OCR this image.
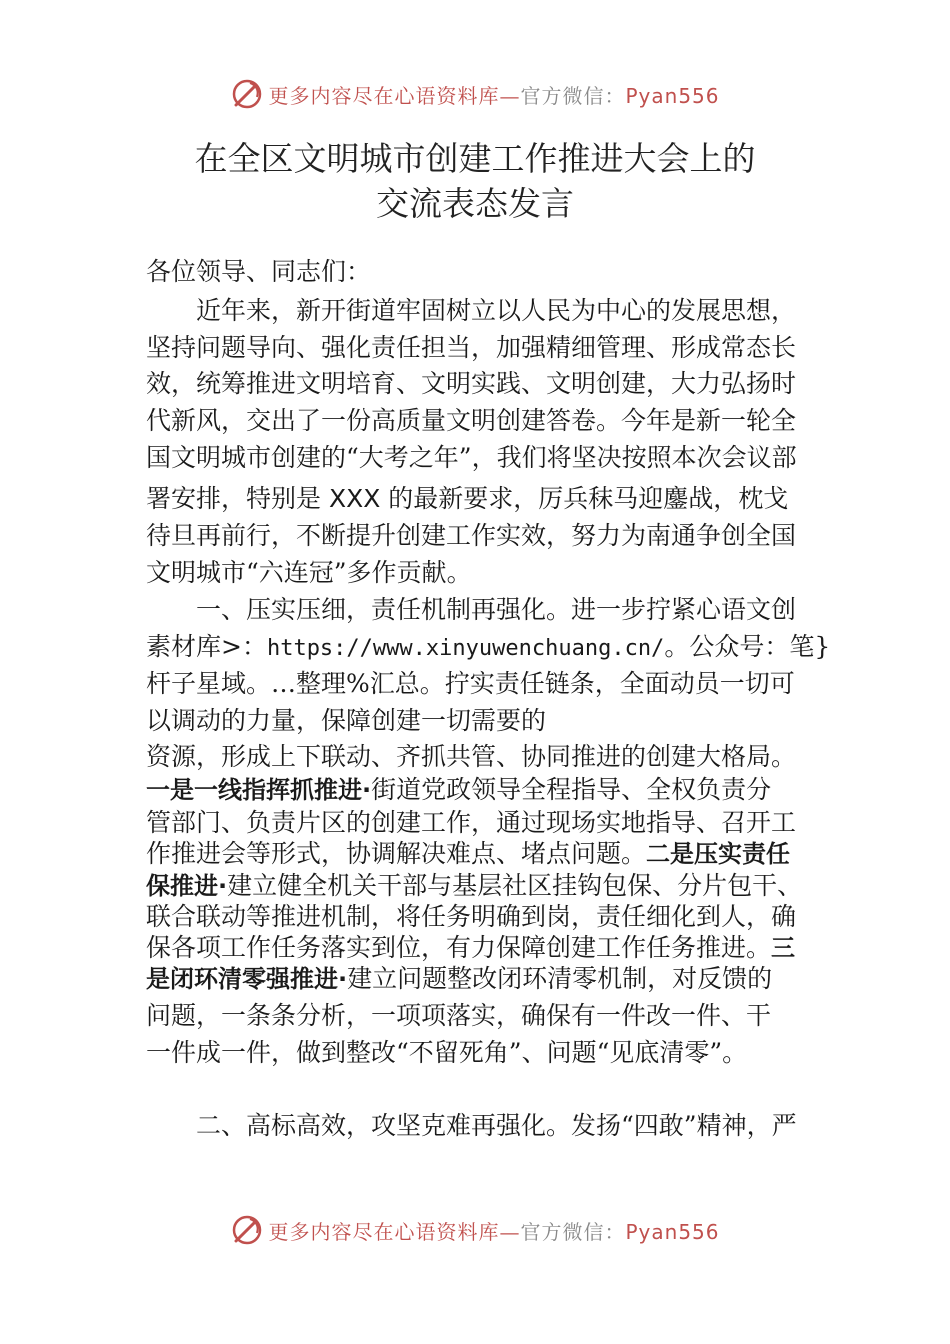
更多内容尽在心语资料库—官方微信：Pyan556
在全区文明城市创建工作推进大会上的
交流表态发言
各位领导、同志们：
近年来，新开街道牢固树立以人民为中心的发展思想，
坚持问题导向、强化责任担当，加强精细管理、形成常态长
效，统筹推进文明培育、文明实践、文明创建，大力弘扬时
代新风，交出了一份高质量文明创建答卷。今年是新一轮全
国文明城市创建的“大考之年”，我们将坚决按照本次会议部
署安排，特别是 XXX 的最新要求，厉兵秣马迎鏖战，枕戈
待旦再前行，不断提升创建工作实效，努力为南通争创全国
文明城市“六连冠”多作贡献。
一、压实压细，责任机制再强化。进一步拧紧心语文创
素材库>：https://www.xinyuwenchuang.cn/。公众号：笔}
杆子星域。…整理%汇总。拧实责任链条，全面动员一切可
以调动的力量，保障创建一切需要的
资源，形成上下联动、齐抓共管、协同推进的创建大格局。
一是一线指挥抓推进·街道党政领导全程指导、全权负责分
管部门、负责片区的创建工作，通过现场实地指导、召开工
作推进会等形式，协调解决难点、堵点问题。二是压实责任
保推进·建立健全机关干部与基层社区挂钩包保、分片包干、
联合联动等推进机制，将任务明确到岗，责任细化到人，确
保各项工作任务落实到位，有力保障创建工作任务推进。三
是闭环清零强推进·建立问题整改闭环清零机制，对反馈的
问题，一条条分析，一项项落实，确保有一件改一件、干
一件成一件，做到整改“不留死角”、问题“见底清零”。
二、高标高效，攻坚克难再强化。发扬“四敢”精神，严
更多内容尽在心语资料库—官方微信：Pyan556
